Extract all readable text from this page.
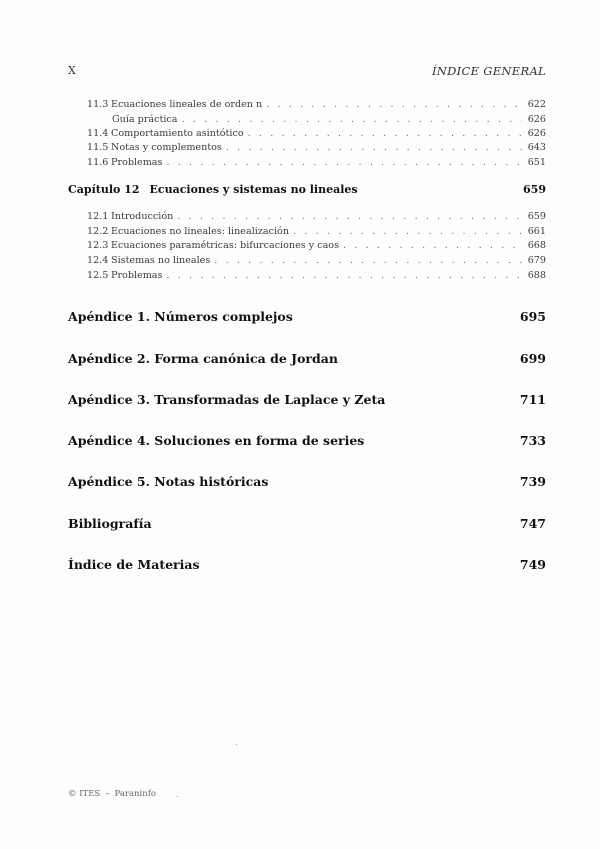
X	ÍNDICE GENERAL
11.3 Ecuaciones lineales de orden n . . .	622
Guía práctica . . .	626
11.4 Comportamiento asintótico . . .	626
11.5 Notas y complementos . . .	643
11.6 Problemas . . .	651
Capítulo 12 Ecuaciones y sistemas no lineales	659
12.1 Introducción . . .	659
12.2 Ecuaciones no lineales: linealización . . .	661
12.3 Ecuaciones paramétricas: bifurcaciones y caos . . .	668
12.4 Sistemas no lineales . . .	679
12.5 Problemas . . .	688
Apéndice 1. Números complejos	695
Apéndice 2. Forma canónica de Jordan	699
Apéndice 3. Transformadas de Laplace y Zeta	711
Apéndice 4. Soluciones en forma de series	733
Apéndice 5. Notas históricas	739
Bibliografía	747
Índice de Materias	749
© ITES – Paraninfo
